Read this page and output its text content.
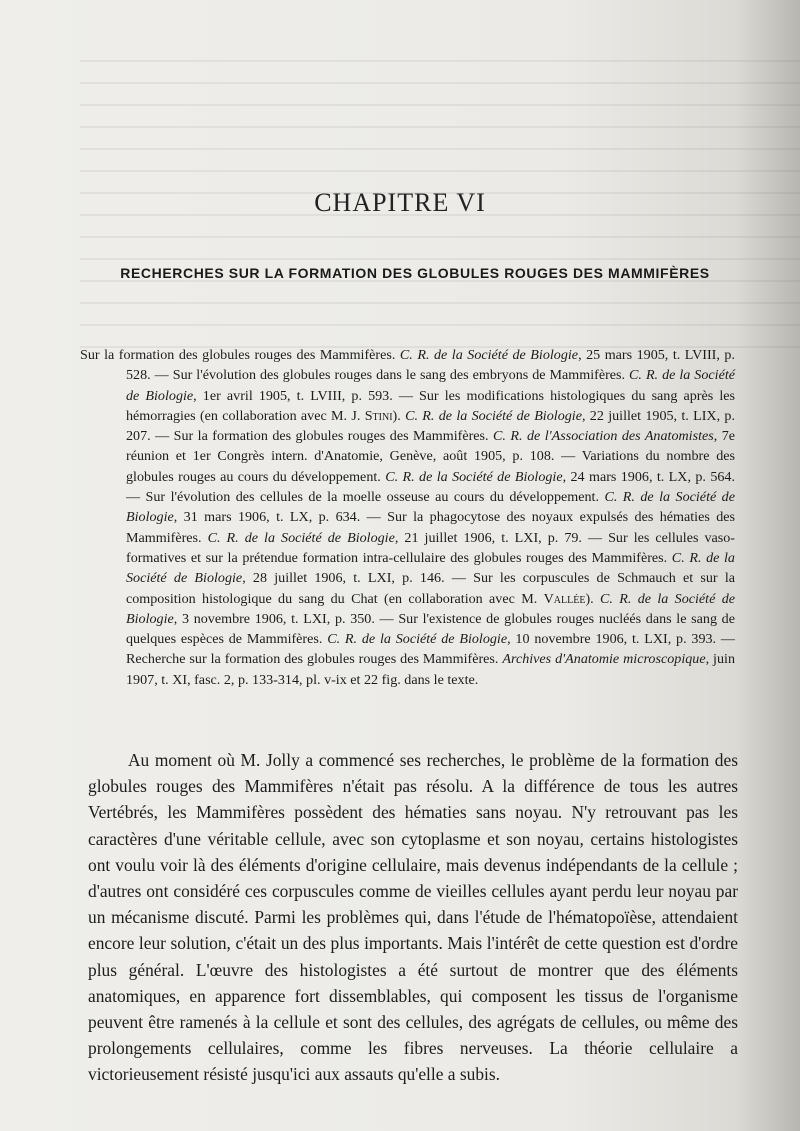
CHAPITRE VI
RECHERCHES SUR LA FORMATION DES GLOBULES ROUGES DES MAMMIFÈRES
Sur la formation des globules rouges des Mammifères. C. R. de la Société de Biologie, 25 mars 1905, t. LVIII, p. 528. — Sur l'évolution des globules rouges dans le sang des embryons de Mammifères. C. R. de la Société de Biologie, 1er avril 1905, t. LVIII, p. 593. — Sur les modifications histologiques du sang après les hémorragies (en collaboration avec M. J. Stini). C. R. de la Société de Biologie, 22 juillet 1905, t. LIX, p. 207. — Sur la formation des globules rouges des Mammifères. C. R. de l'Association des Anatomistes, 7e réunion et 1er Congrès intern. d'Anatomie, Genève, août 1905, p. 108. — Variations du nombre des globules rouges au cours du développement. C. R. de la Société de Biologie, 24 mars 1906, t. LX, p. 564. — Sur l'évolution des cellules de la moelle osseuse au cours du développement. C. R. de la Société de Biologie, 31 mars 1906, t. LX, p. 634. — Sur la phagocytose des noyaux expulsés des hématies des Mammifères. C. R. de la Société de Biologie, 21 juillet 1906, t. LXI, p. 79. — Sur les cellules vaso-formatives et sur la prétendue formation intra-cellulaire des globules rouges des Mammifères. C. R. de la Société de Biologie, 28 juillet 1906, t. LXI, p. 146. — Sur les corpuscules de Schmauch et sur la composition histologique du sang du Chat (en collaboration avec M. Vallée). C. R. de la Société de Biologie, 3 novembre 1906, t. LXI, p. 350. — Sur l'existence de globules rouges nucléés dans le sang de quelques espèces de Mammifères. C. R. de la Société de Biologie, 10 novembre 1906, t. LXI, p. 393. — Recherche sur la formation des globules rouges des Mammifères. Archives d'Anatomie microscopique, juin 1907, t. XI, fasc. 2, p. 133-314, pl. v-ix et 22 fig. dans le texte.
Au moment où M. Jolly a commencé ses recherches, le problème de la formation des globules rouges des Mammifères n'était pas résolu. A la différence de tous les autres Vertébrés, les Mammifères possèdent des hématies sans noyau. N'y retrouvant pas les caractères d'une véritable cellule, avec son cytoplasme et son noyau, certains histologistes ont voulu voir là des éléments d'origine cellulaire, mais devenus indépendants de la cellule ; d'autres ont considéré ces corpuscules comme de vieilles cellules ayant perdu leur noyau par un mécanisme discuté. Parmi les problèmes qui, dans l'étude de l'hématopoïèse, attendaient encore leur solution, c'était un des plus importants. Mais l'intérêt de cette question est d'ordre plus général. L'œuvre des histologistes a été surtout de montrer que des éléments anatomiques, en apparence fort dissemblables, qui composent les tissus de l'organisme peuvent être ramenés à la cellule et sont des cellules, des agrégats de cellules, ou même des prolongements cellulaires, comme les fibres nerveuses. La théorie cellulaire a victorieusement résisté jusqu'ici aux assauts qu'elle a subis.
